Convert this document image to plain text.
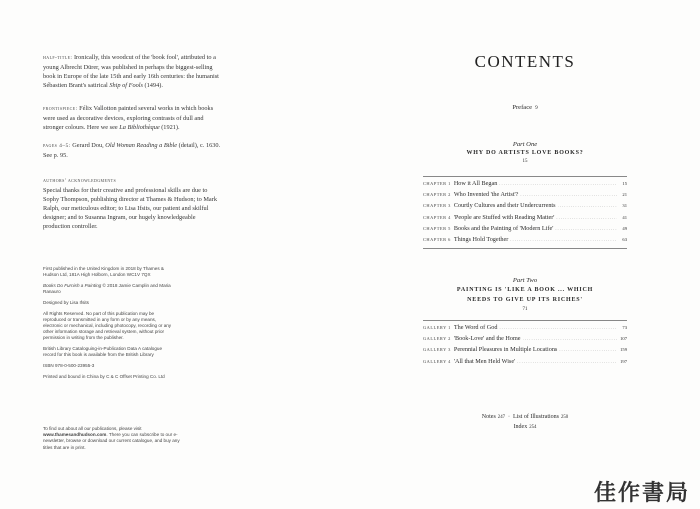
half-title: Ironically, this woodcut of the 'book fool', attributed to a young Albrecht Dürer, was published in perhaps the biggest-selling book in Europe of the late 15th and early 16th centuries: the humanist Sébastien Brant's satirical Ship of Fools (1494).
frontispiece: Félix Vallotton painted several works in which books were used as decorative devices, exploring contrasts of dull and stronger colours. Here we see La Bibliothèque (1921).
pages 4–5: Gerard Dou, Old Woman Reading a Bible (detail), c. 1630. See p. 95.
authors' acknowledgments
Special thanks for their creative and professional skills are due to Sophy Thompson, publishing director at Thames & Hudson; to Mark Ralph, our meticulous editor; to Lisa Ifsits, our patient and skilful designer; and to Susanna Ingram, our hugely knowledgeable production controller.

First published in the United Kingdom in 2018 by Thames & Hudson Ltd, 181A High Holborn, London WC1V 7QX

Books Do Furnish a Painting © 2018 Jamie Camplin and Maria Ranauro

Designed by Lisa Ifsits

All Rights Reserved. No part of this publication may be reproduced or transmitted in any form or by any means, electronic or mechanical, including photocopy, recording or any other information storage and retrieval system, without prior permission in writing from the publisher.

British Library Cataloguing-in-Publication Data A catalogue record for this book is available from the British Library

ISBN 978-0-500-23955-3

Printed and bound in China by C & C Offset Printing Co. Ltd

To find out about all our publications, please visit www.thamesandhudson.com. There you can subscribe to our e-newsletter, browse or download our current catalogue, and buy any titles that are in print.
CONTENTS
Preface 9
Part One
WHY DO ARTISTS LOVE BOOKS?
15
CHAPTER 1 How it All Began .....	15
CHAPTER 2 Who Invented 'the Artist'? .....	21
CHAPTER 3 Courtly Cultures and their Undercurrents .....	31
CHAPTER 4 'People are Stuffed with Reading Matter' .....	41
CHAPTER 5 Books and the Painting of 'Modern Life' .....	49
CHAPTER 6 Things Hold Together .....	63
Part Two
PAINTING IS 'LIKE A BOOK ... WHICH
NEEDS TO GIVE UP ITS RICHES'
71
GALLERY 1 The Word of God .....	73
GALLERY 2 'Book-Love' and the Home .....	107
GALLERY 3 Perennial Pleasures in Multiple Locations .....	159
GALLERY 4 'All that Men Held Wise' .....	197
Notes 247 · List of Illustrations 250
Index 254
佳作書局
